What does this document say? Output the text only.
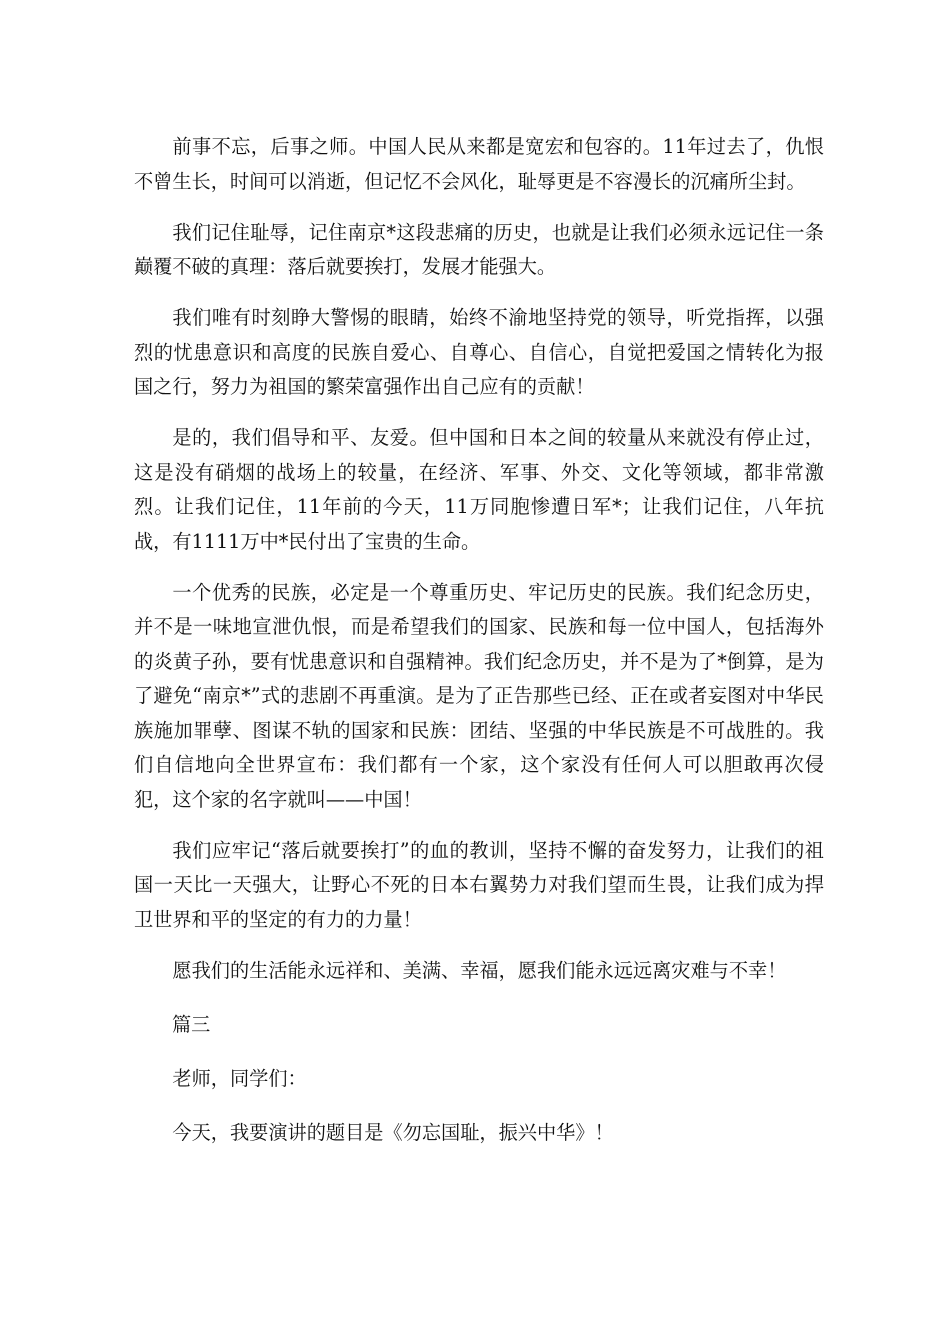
前事不忘，后事之师。中国人民从来都是宽宏和包容的。11年过去了，仇恨不曾生长，时间可以消逝，但记忆不会风化，耻辱更是不容漫长的沉痛所尘封。

我们记住耻辱，记住南京*这段悲痛的历史，也就是让我们必须永远记住一条巅覆不破的真理：落后就要挨打，发展才能强大。

我们唯有时刻睁大警惕的眼睛，始终不渝地坚持党的领导，听党指挥，以强烈的忧患意识和高度的民族自爱心、自尊心、自信心，自觉把爱国之情转化为报国之行，努力为祖国的繁荣富强作出自己应有的贡献！

是的，我们倡导和平、友爱。但中国和日本之间的较量从来就没有停止过，这是没有硝烟的战场上的较量，在经济、军事、外交、文化等领域，都非常激烈。让我们记住，11年前的今天，11万同胞惨遭日军*；让我们记住，八年抗战，有1111万中*民付出了宝贵的生命。

一个优秀的民族，必定是一个尊重历史、牢记历史的民族。我们纪念历史，并不是一味地宣泄仇恨，而是希望我们的国家、民族和每一位中国人，包括海外的炎黄子孙，要有忧患意识和自强精神。我们纪念历史，并不是为了*倒算，是为了避免“南京*”式的悲剧不再重演。是为了正告那些已经、正在或者妄图对中华民族施加罪孽、图谋不轨的国家和民族：团结、坚强的中华民族是不可战胜的。我们自信地向全世界宣布：我们都有一个家，这个家没有任何人可以胆敢再次侵犯，这个家的名字就叫——中国！

我们应牢记“落后就要挨打”的血的教训，坚持不懈的奋发努力，让我们的祖国一天比一天强大，让野心不死的日本右翼势力对我们望而生畏，让我们成为捍卫世界和平的坚定的有力的力量！

愿我们的生活能永远祥和、美满、幸福，愿我们能永远远离灾难与不幸！

篇三

老师，同学们：

今天，我要演讲的题目是《勿忘国耻，振兴中华》！
